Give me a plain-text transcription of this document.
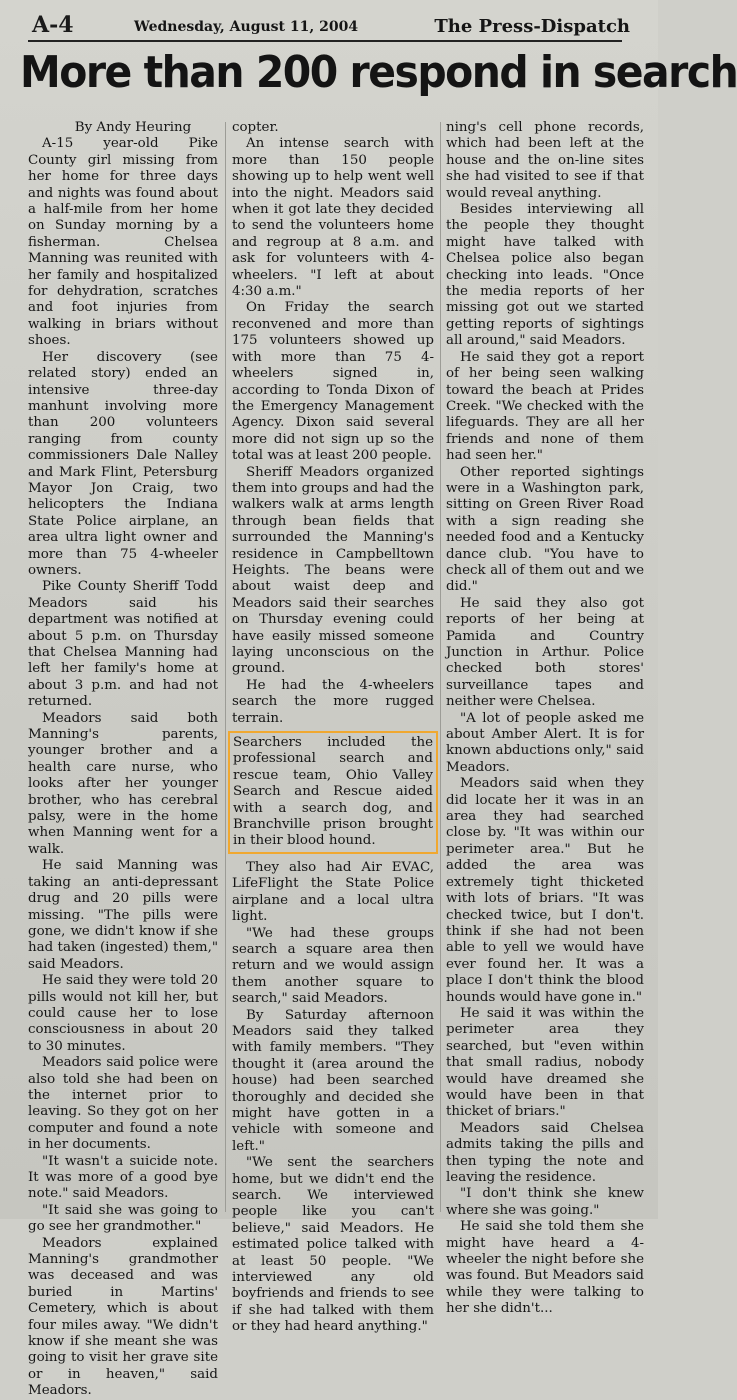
A-4	Wednesday, August 11, 2004	The Press-Dispatch
More than 200 respond in search

By Andy Heuring

A-15 year-old Pike County girl missing from her home for three days and nights was found about a half-mile from her home on Sunday morning by a fisherman. Chelsea Manning was reunited with her family and hospitalized for dehydration, scratches and foot injuries from walking in briars without shoes.

Her discovery (see related story) ended an intensive three-day manhunt involving more than 200 volunteers ranging from county commissioners Dale Nalley and Mark Flint, Petersburg Mayor Jon Craig, two helicopters the Indiana State Police airplane, an area ultra light owner and more than 75 4-wheeler owners.

Pike County Sheriff Todd Meadors said his department was notified at about 5 p.m. on Thursday that Chelsea Manning had left her family's home at about 3 p.m. and had not returned.

Meadors said both Manning's parents, younger brother and a health care nurse, who looks after her younger brother, who has cerebral palsy, were in the home when Manning went for a walk.

He said Manning was taking an anti-depressant drug and 20 pills were missing. "The pills were gone, we didn't know if she had taken (ingested) them," said Meadors.

He said they were told 20 pills would not kill her, but could cause her to lose consciousness in about 20 to 30 minutes.

Meadors said police were also told she had been on the internet prior to leaving. So they got on her computer and found a note in her documents.

"It wasn't a suicide note. It was more of a good bye note." said Meadors.

"It said she was going to go see her grandmother."

Meadors explained Manning's grandmother was deceased and was buried in Martins' Cemetery, which is about four miles away. "We didn't know if she meant she was going to visit her grave site or in heaven," said Meadors.

copter.

An intense search with more than 150 people showing up to help went well into the night. Meadors said when it got late they decided to send the volunteers home and regroup at 8 a.m. and ask for volunteers with 4-wheelers. "I left at about 4:30 a.m."

On Friday the search reconvened and more than 175 volunteers showed up with more than 75 4-wheelers signed in, according to Tonda Dixon of the Emergency Management Agency. Dixon said several more did not sign up so the total was at least 200 people.

Sheriff Meadors organized them into groups and had the walkers walk at arms length through bean fields that surrounded the Manning's residence in Campbelltown Heights. The beans were about waist deep and Meadors said their searches on Thursday evening could have easily missed someone laying unconscious on the ground.

He had the 4-wheelers search the more rugged terrain.

Searchers included the professional search and rescue team, Ohio Valley Search and Rescue aided with a search dog, and Branchville prison brought in their blood hound.

They also had Air EVAC, LifeFlight the State Police airplane and a local ultra light.

"We had these groups search a square area then return and we would assign them another square to search," said Meadors.

By Saturday afternoon Meadors said they talked with family members. "They thought it (area around the house) had been searched thoroughly and decided she might have gotten in a vehicle with someone and left."

"We sent the searchers home, but we didn't end the search. We interviewed people like you can't believe," said Meadors. He estimated police talked with at least 50 people. "We interviewed any old boyfriends and friends to see if she had talked with them or they had heard anything."

ning's cell phone records, which had been left at the house and the on-line sites she had visited to see if that would reveal anything.

Besides interviewing all the people they thought might have talked with Chelsea police also began checking into leads. "Once the media reports of her missing got out we started getting reports of sightings all around," said Meadors.

He said they got a report of her being seen walking toward the beach at Prides Creek. "We checked with the lifeguards. They are all her friends and none of them had seen her."

Other reported sightings were in a Washington park, sitting on Green River Road with a sign reading she needed food and a Kentucky dance club. "You have to check all of them out and we did."

He said they also got reports of her being at Pamida and Country Junction in Arthur. Police checked both stores' surveillance tapes and neither were Chelsea.

"A lot of people asked me about Amber Alert. It is for known abductions only," said Meadors.

Meadors said when they did locate her it was in an area they had searched close by. "It was within our perimeter area." But he added the area was extremely tight thicketed with lots of briars. "It was checked twice, but I don't. think if she had not been able to yell we would have ever found her. It was a place I don't think the blood hounds would have gone in."

He said it was within the perimeter area they searched, but "even within that small radius, nobody would have dreamed she would have been in that thicket of briars."

Meadors said Chelsea admits taking the pills and then typing the note and leaving the residence.

"I don't think she knew where she was going."

He said she told them she might have heard a 4-wheeler the night before she was found. But Meadors said while they were talking to her she didn't...
